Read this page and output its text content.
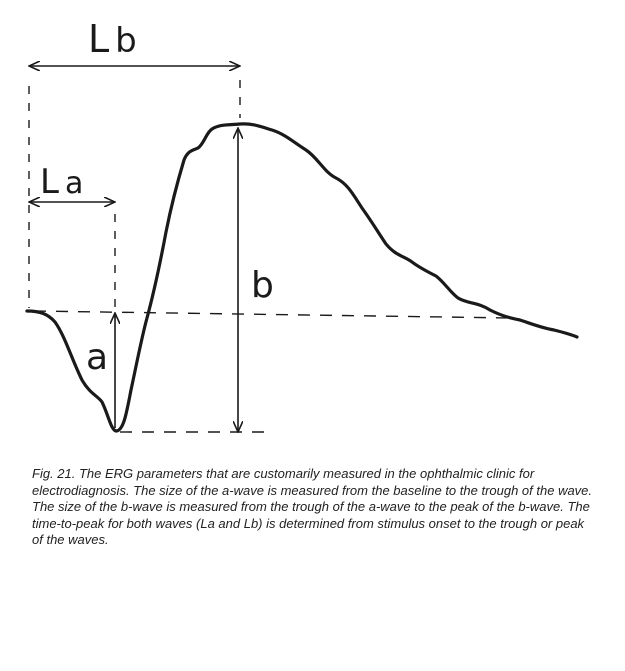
L b
L a
a
b

Fig. 21. The ERG parameters that are customarily measured in the ophthalmic clinic for electrodiagnosis. The size of the a-wave is measured from the baseline to the trough of the wave. The size of the b-wave is measured from the trough of the a-wave to the peak of the b-wave. The time-to-peak for both waves (La and Lb) is determined from stimulus onset to the trough or peak of the waves.
